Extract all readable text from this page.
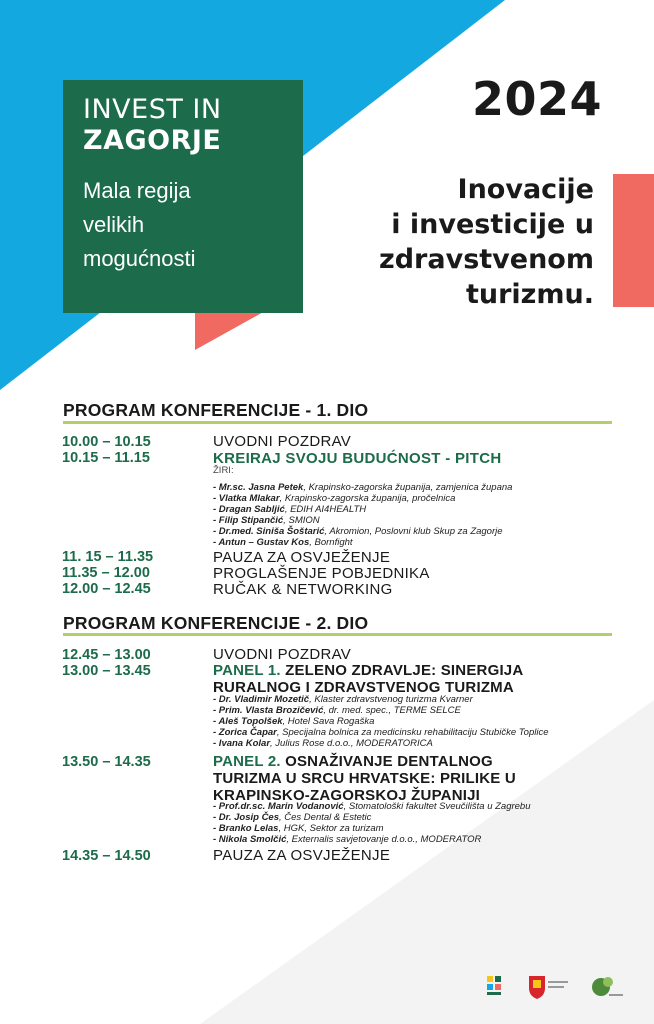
INVEST IN
ZAGORJE
Mala regija
velikih
mogućnosti
2024
Inovacije
i investicije u
zdravstvenom
turizmu.
PROGRAM KONFERENCIJE - 1. DIO
10.00 – 10.15	UVODNI POZDRAV
10.15 – 11.15	KREIRAJ SVOJU BUDUĆNOST - PITCH
ŽIRI:
- Mr.sc. Jasna Petek, Krapinsko-zagorska županija, zamjenica župana
- Vlatka Mlakar, Krapinsko-zagorska županija, pročelnica
- Dragan Sabljić, EDIH AI4HEALTH
- Filip Stipančić, SMION
- Dr.med. Siniša Šoštarić, Akromion, Poslovni klub Skup za Zagorje
- Antun – Gustav Kos, Bornfight
11. 15 – 11.35	PAUZA ZA OSVJEŽENJE
11.35 – 12.00	PROGLAŠENJE POBJEDNIKA
12.00 – 12.45	RUČAK & NETWORKING
PROGRAM KONFERENCIJE - 2. DIO
12.45 – 13.00	UVODNI POZDRAV
13.00 – 13.45	PANEL 1. ZELENO ZDRAVLJE: SINERGIJA
RURALNOG I ZDRAVSTVENOG TURIZMA
- Dr. Vladimir Mozetič, Klaster zdravstvenog turizma Kvarner
- Prim. Vlasta Brozičević, dr. med. spec., TERME SELCE
- Aleš Topolšek, Hotel Sava Rogaška
- Zorica Čapar, Specijalna bolnica za medicinsku rehabilitaciju Stubičke Toplice
- Ivana Kolar, Julius Rose d.o.o., MODERATORICA
13.50 – 14.35	PANEL 2. OSNAŽIVANJE DENTALNOG
TURIZMA U SRCU HRVATSKE: PRILIKE U
KRAPINSKO-ZAGORSKOJ ŽUPANIJI
- Prof.dr.sc. Marin Vodanović, Stomatološki fakultet Sveučilišta u Zagrebu
- Dr. Josip Čes, Čes Dental & Estetic
- Branko Lelas, HGK, Sektor za turizam
- Nikola Smolčić, Externalis savjetovanje d.o.o., MODERATOR
14.35 – 14.50	PAUZA ZA OSVJEŽENJE
